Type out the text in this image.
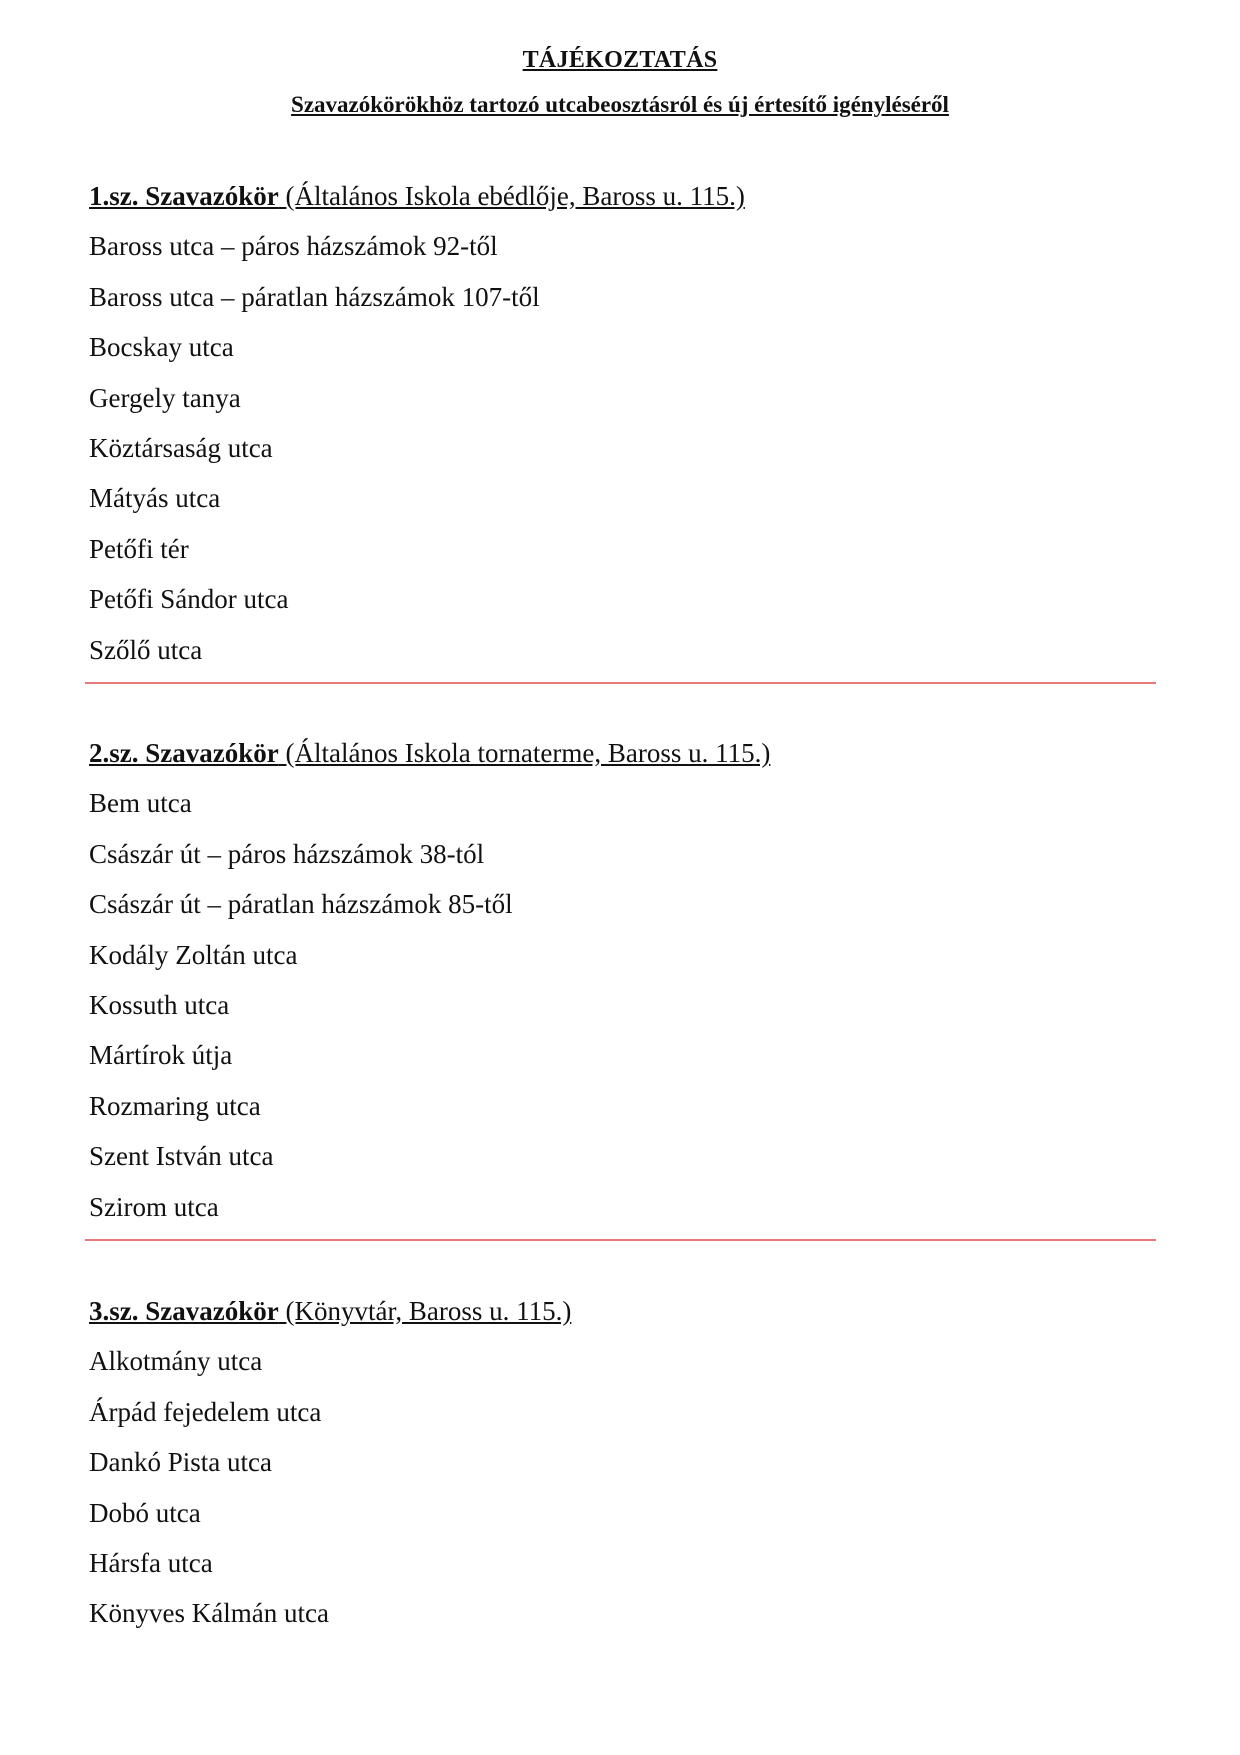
TÁJÉKOZTATÁS
Szavazókörökhöz tartozó utcabeosztásról és új értesítő igényléséről
1.sz. Szavazókör (Általános Iskola ebédlője, Baross u. 115.)
Baross utca – páros házszámok 92-től
Baross utca – páratlan házszámok 107-től
Bocskay utca
Gergely tanya
Köztársaság utca
Mátyás utca
Petőfi tér
Petőfi Sándor utca
Szőlő utca
2.sz. Szavazókör (Általános Iskola tornaterme, Baross u. 115.)
Bem utca
Császár út – páros házszámok 38-tól
Császár út – páratlan házszámok 85-től
Kodály Zoltán utca
Kossuth utca
Mártírok útja
Rozmaring utca
Szent István utca
Szirom utca
3.sz. Szavazókör (Könyvtár, Baross u. 115.)
Alkotmány utca
Árpád fejedelem utca
Dankó Pista utca
Dobó utca
Hársfa utca
Könyves Kálmán utca
